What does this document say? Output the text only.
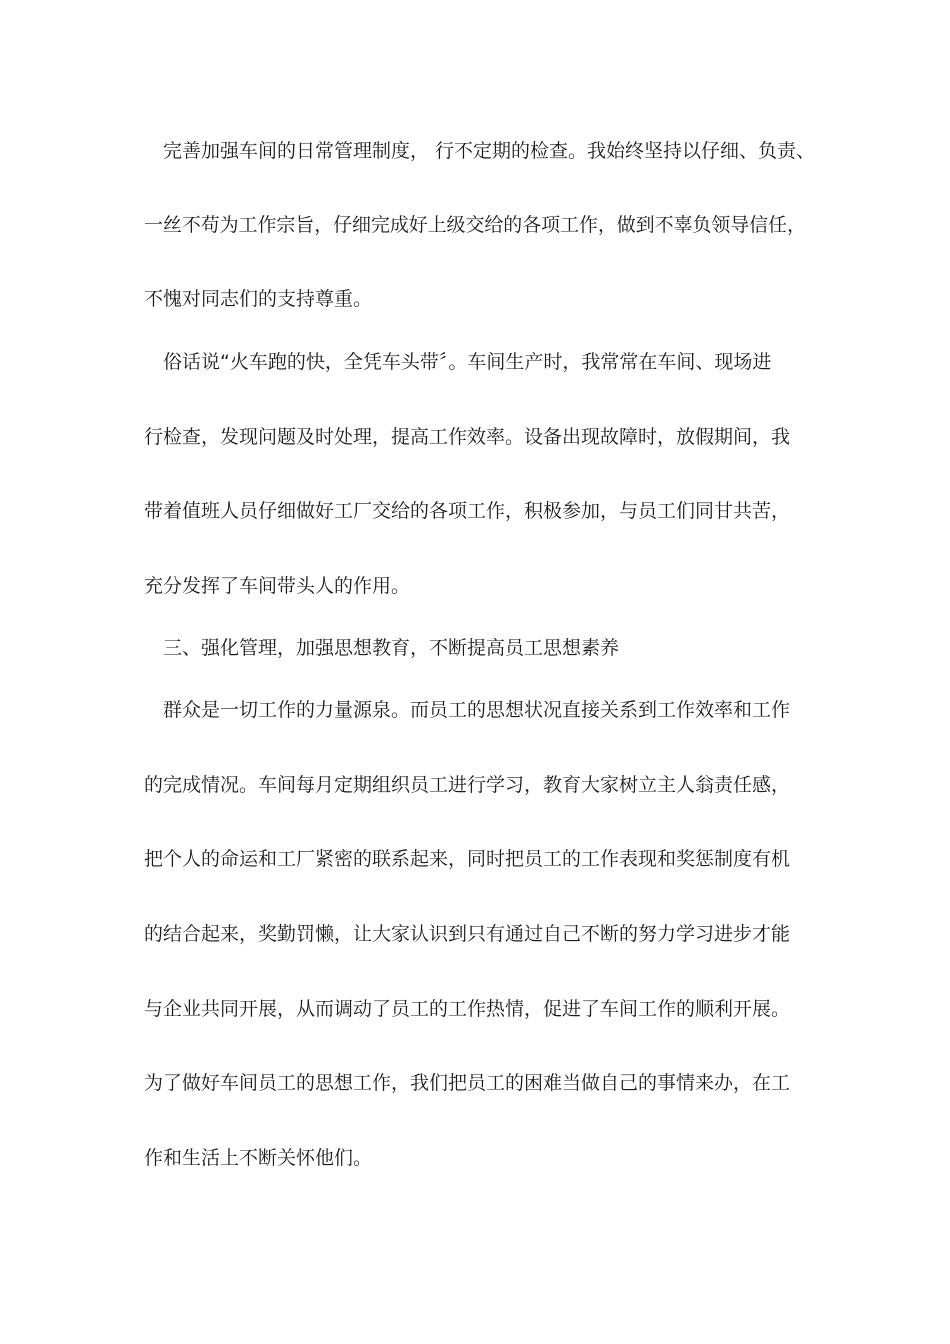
完善加强车间的日常管理制度， 行不定期的检查。我始终坚持以仔细、负责、
一丝不苟为工作宗旨，仔细完成好上级交给的各项工作，做到不辜负领导信任，
不愧对同志们的支持尊重。
俗话说“火车跑的快，全凭车头带〞。车间生产时，我常常在车间、现场进
行检查，发现问题及时处理，提高工作效率。设备出现故障时，放假期间，我
带着值班人员仔细做好工厂交给的各项工作，积极参加，与员工们同甘共苦，
充分发挥了车间带头人的作用。
三、强化管理，加强思想教育，不断提高员工思想素养
群众是一切工作的力量源泉。而员工的思想状况直接关系到工作效率和工作
的完成情况。车间每月定期组织员工进行学习，教育大家树立主人翁责任感，
把个人的命运和工厂紧密的联系起来，同时把员工的工作表现和奖惩制度有机
的结合起来，奖勤罚懒，让大家认识到只有通过自己不断的努力学习进步才能
与企业共同开展，从而调动了员工的工作热情，促进了车间工作的顺利开展。
为了做好车间员工的思想工作，我们把员工的困难当做自己的事情来办，在工
作和生活上不断关怀他们。
